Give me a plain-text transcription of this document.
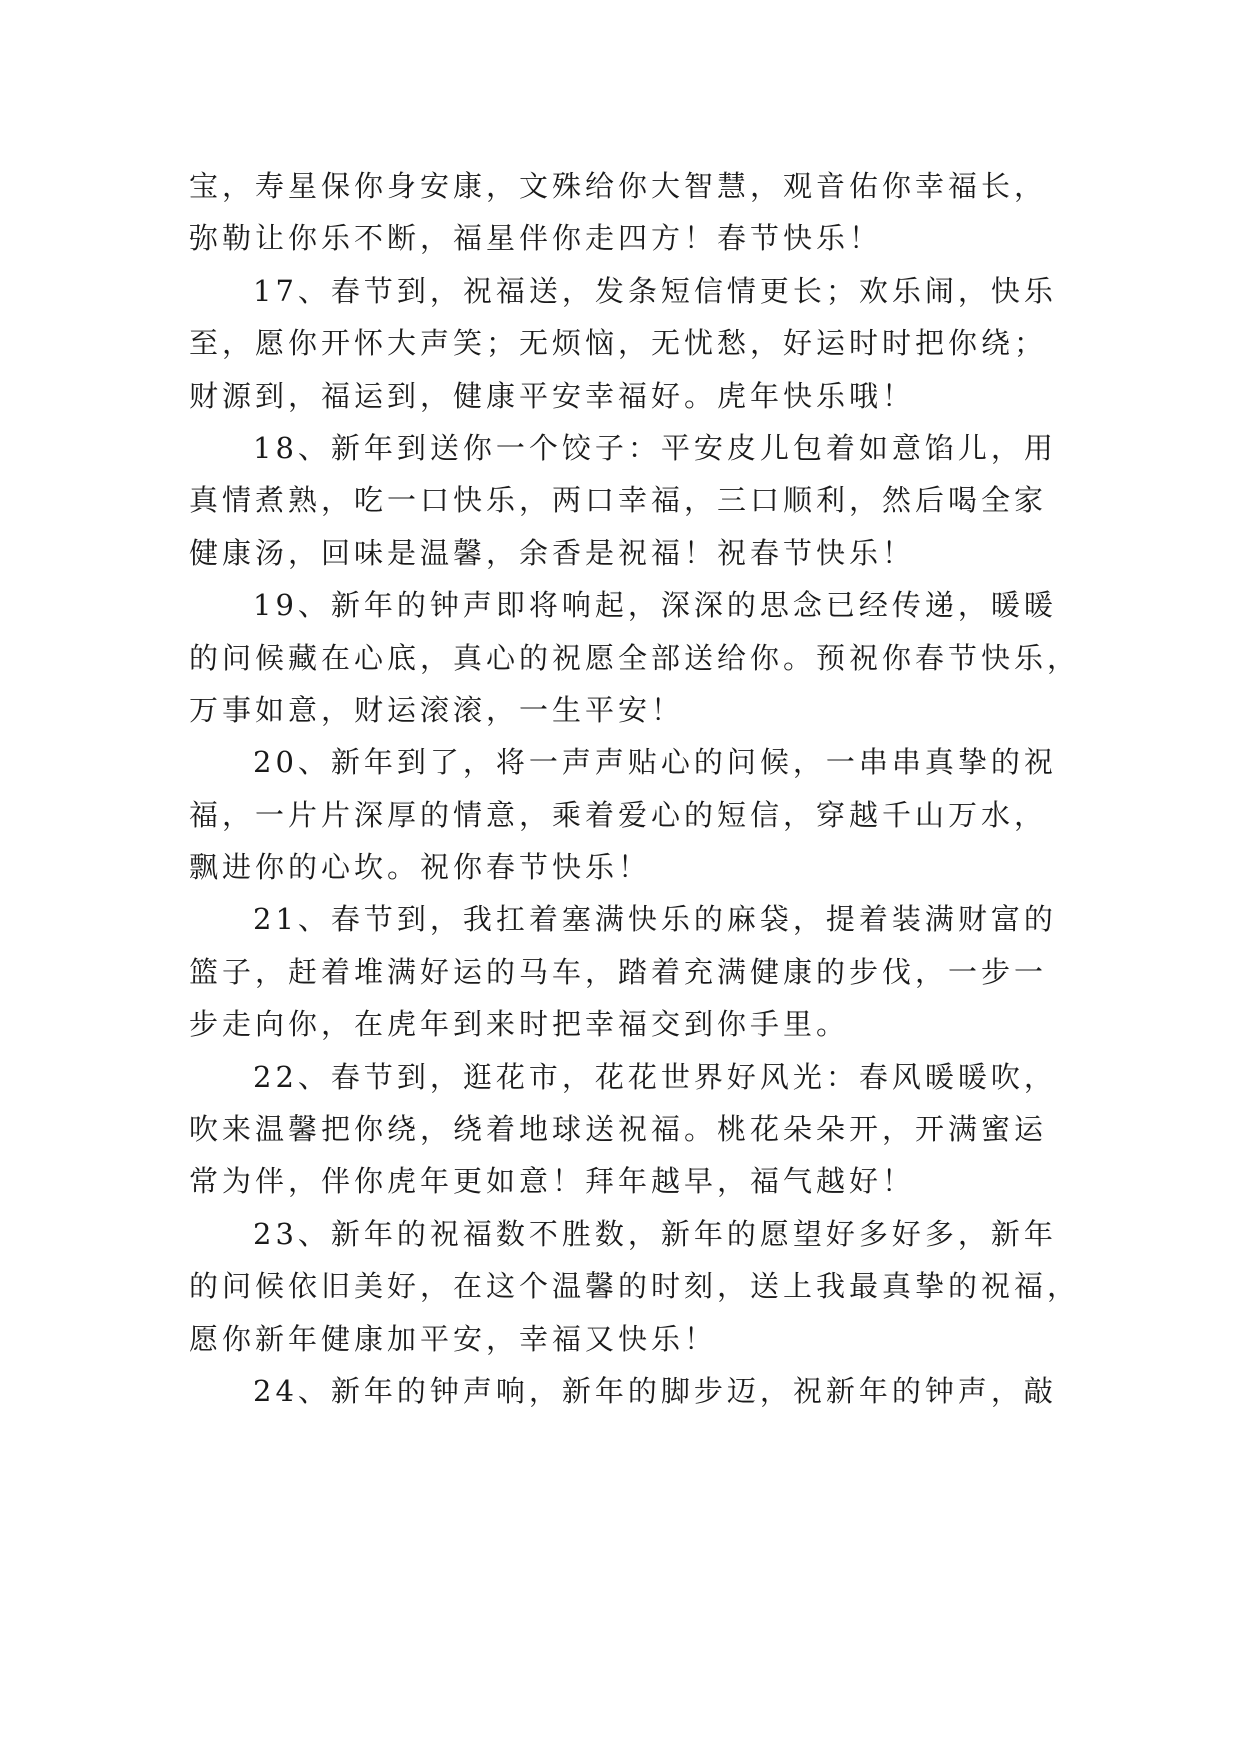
宝，寿星保你身安康，文殊给你大智慧，观音佑你幸福长，
弥勒让你乐不断，福星伴你走四方！春节快乐！
17、春节到，祝福送，发条短信情更长；欢乐闹，快乐
至，愿你开怀大声笑；无烦恼，无忧愁，好运时时把你绕；
财源到，福运到，健康平安幸福好。虎年快乐哦！
18、新年到送你一个饺子：平安皮儿包着如意馅儿，用
真情煮熟，吃一口快乐，两口幸福，三口顺利，然后喝全家
健康汤，回味是温馨，余香是祝福！祝春节快乐！
19、新年的钟声即将响起，深深的思念已经传递，暖暖
的问候藏在心底，真心的祝愿全部送给你。预祝你春节快乐，
万事如意，财运滚滚，一生平安！
20、新年到了，将一声声贴心的问候，一串串真挚的祝
福，一片片深厚的情意，乘着爱心的短信，穿越千山万水，
飘进你的心坎。祝你春节快乐！
21、春节到，我扛着塞满快乐的麻袋，提着装满财富的
篮子，赶着堆满好运的马车，踏着充满健康的步伐，一步一
步走向你，在虎年到来时把幸福交到你手里。
22、春节到，逛花市，花花世界好风光：春风暖暖吹，
吹来温馨把你绕，绕着地球送祝福。桃花朵朵开，开满蜜运
常为伴，伴你虎年更如意！拜年越早，福气越好！
23、新年的祝福数不胜数，新年的愿望好多好多，新年
的问候依旧美好，在这个温馨的时刻，送上我最真挚的祝福，
愿你新年健康加平安，幸福又快乐！
24、新年的钟声响，新年的脚步迈，祝新年的钟声，敲
